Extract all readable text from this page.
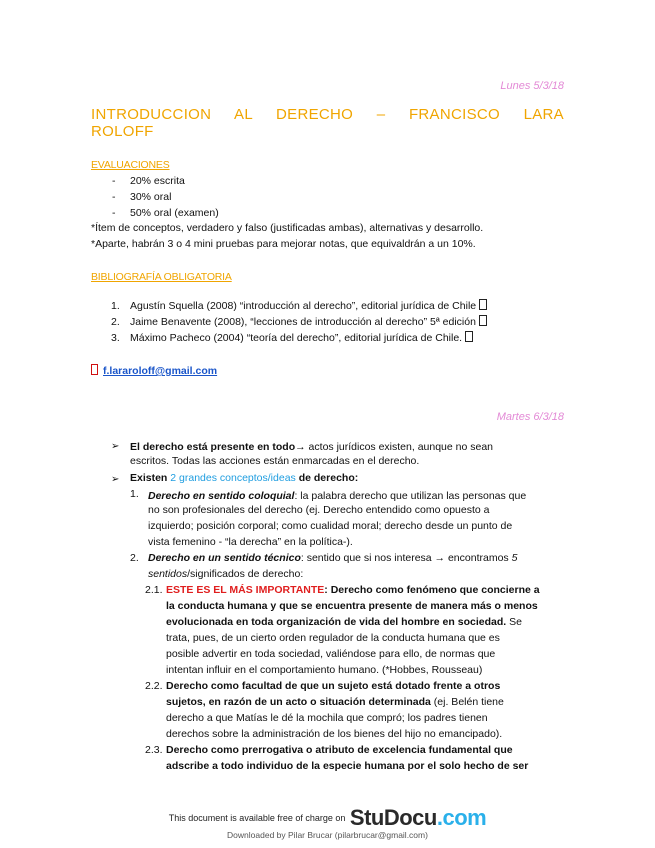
Lunes 5/3/18
INTRODUCCION AL DERECHO – FRANCISCO LARA ROLOFF
EVALUACIONES
- 20% escrita
- 30% oral
- 50% oral (examen)
*Ítem de conceptos, verdadero y falso (justificadas ambas), alternativas y desarrollo.
*Aparte, habrán 3 o 4 mini pruebas para mejorar notas, que equivaldrán a un 10%.
BIBLIOGRAFÍA OBLIGATORIA
1. Agustín Squella (2008) “introducción al derecho”, editorial jurídica de Chile
2. Jaime Benavente (2008), “lecciones de introducción al derecho” 5ª edición
3. Máximo Pacheco (2004) “teoría del derecho”, editorial jurídica de Chile.
f.lararoloff@gmail.com
Martes 6/3/18
➢ El derecho está presente en todo→ actos jurídicos existen, aunque no sean
escritos. Todas las acciones están enmarcadas en el derecho.
➢ Existen 2 grandes conceptos/ideas de derecho:
1. Derecho en sentido coloquial: la palabra derecho que utilizan las personas que
no son profesionales del derecho (ej. Derecho entendido como opuesto a
izquierdo; posición corporal; como cualidad moral; derecho desde un punto de
vista femenino - “la derecha” en la política-).
2. Derecho en un sentido técnico: sentido que si nos interesa → encontramos 5
sentidos/significados de derecho:
2.1. ESTE ES EL MÁS IMPORTANTE: Derecho como fenómeno que concierne a
la conducta humana y que se encuentra presente de manera más o menos
evolucionada en toda organización de vida del hombre en sociedad. Se
trata, pues, de un cierto orden regulador de la conducta humana que es
posible advertir en toda sociedad, valiéndose para ello, de normas que
intentan influir en el comportamiento humano. (*Hobbes, Rousseau)
2.2. Derecho como facultad de que un sujeto está dotado frente a otros
sujetos, en razón de un acto o situación determinada (ej. Belén tiene
derecho a que Matías le dé la mochila que compró; los padres tienen
derechos sobre la administración de los bienes del hijo no emancipado).
2.3. Derecho como prerrogativa o atributo de excelencia fundamental que
adscribe a todo individuo de la especie humana por el solo hecho de ser
This document is available free of charge on StuDocu.com
Downloaded by Pilar Brucar (pilarbrucar@gmail.com)
